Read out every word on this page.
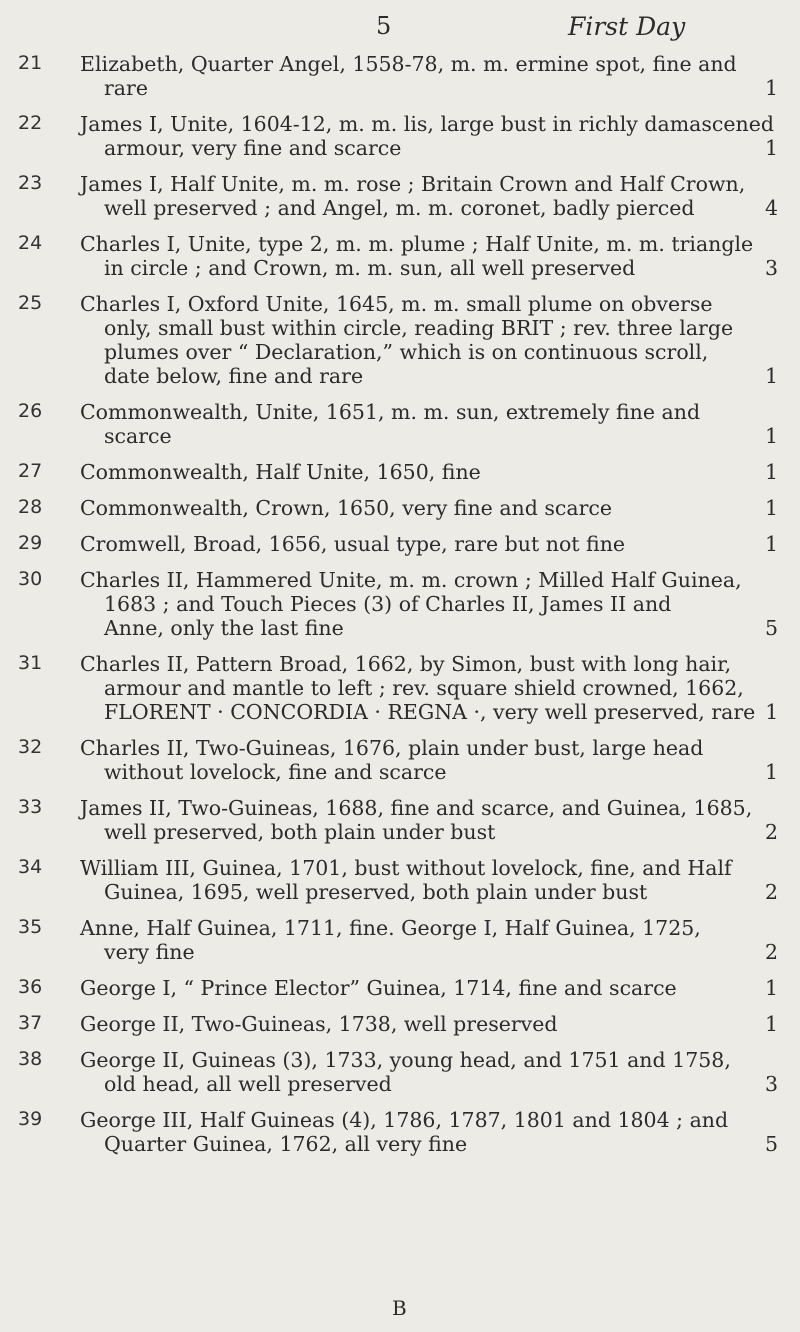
5	First Day
21 Elizabeth, Quarter Angel, 1558-78, m. m. ermine spot, fine and
rare	1
22 James I, Unite, 1604-12, m. m. lis, large bust in richly damascened
armour, very fine and scarce	1
23 James I, Half Unite, m. m. rose ; Britain Crown and Half Crown,
well preserved ; and Angel, m. m. coronet, badly pierced	4
24 Charles I, Unite, type 2, m. m. plume ; Half Unite, m. m. triangle
in circle ; and Crown, m. m. sun, all well preserved	3
25 Charles I, Oxford Unite, 1645, m. m. small plume on obverse
only, small bust within circle, reading BRIT ; rev. three large
plumes over “ Declaration,” which is on continuous scroll,
date below, fine and rare	1
26 Commonwealth, Unite, 1651, m. m. sun, extremely fine and
scarce	1
27 Commonwealth, Half Unite, 1650, fine	1
28 Commonwealth, Crown, 1650, very fine and scarce	1
29 Cromwell, Broad, 1656, usual type, rare but not fine	1
30 Charles II, Hammered Unite, m. m. crown ; Milled Half Guinea,
1683 ; and Touch Pieces (3) of Charles II, James II and
Anne, only the last fine	5
31 Charles II, Pattern Broad, 1662, by Simon, bust with long hair,
armour and mantle to left ; rev. square shield crowned, 1662,
FLORENT · CONCORDIA · REGNA ·, very well preserved, rare 1
32 Charles II, Two-Guineas, 1676, plain under bust, large head
without lovelock, fine and scarce	1
33 James II, Two-Guineas, 1688, fine and scarce, and Guinea, 1685,
well preserved, both plain under bust	2
34 William III, Guinea, 1701, bust without lovelock, fine, and Half
Guinea, 1695, well preserved, both plain under bust	2
35 Anne, Half Guinea, 1711, fine. George I, Half Guinea, 1725,
very fine	2
36 George I, “ Prince Elector” Guinea, 1714, fine and scarce	1
37 George II, Two-Guineas, 1738, well preserved	1
38 George II, Guineas (3), 1733, young head, and 1751 and 1758,
old head, all well preserved	3
39 George III, Half Guineas (4), 1786, 1787, 1801 and 1804 ; and
Quarter Guinea, 1762, all very fine	5
B
